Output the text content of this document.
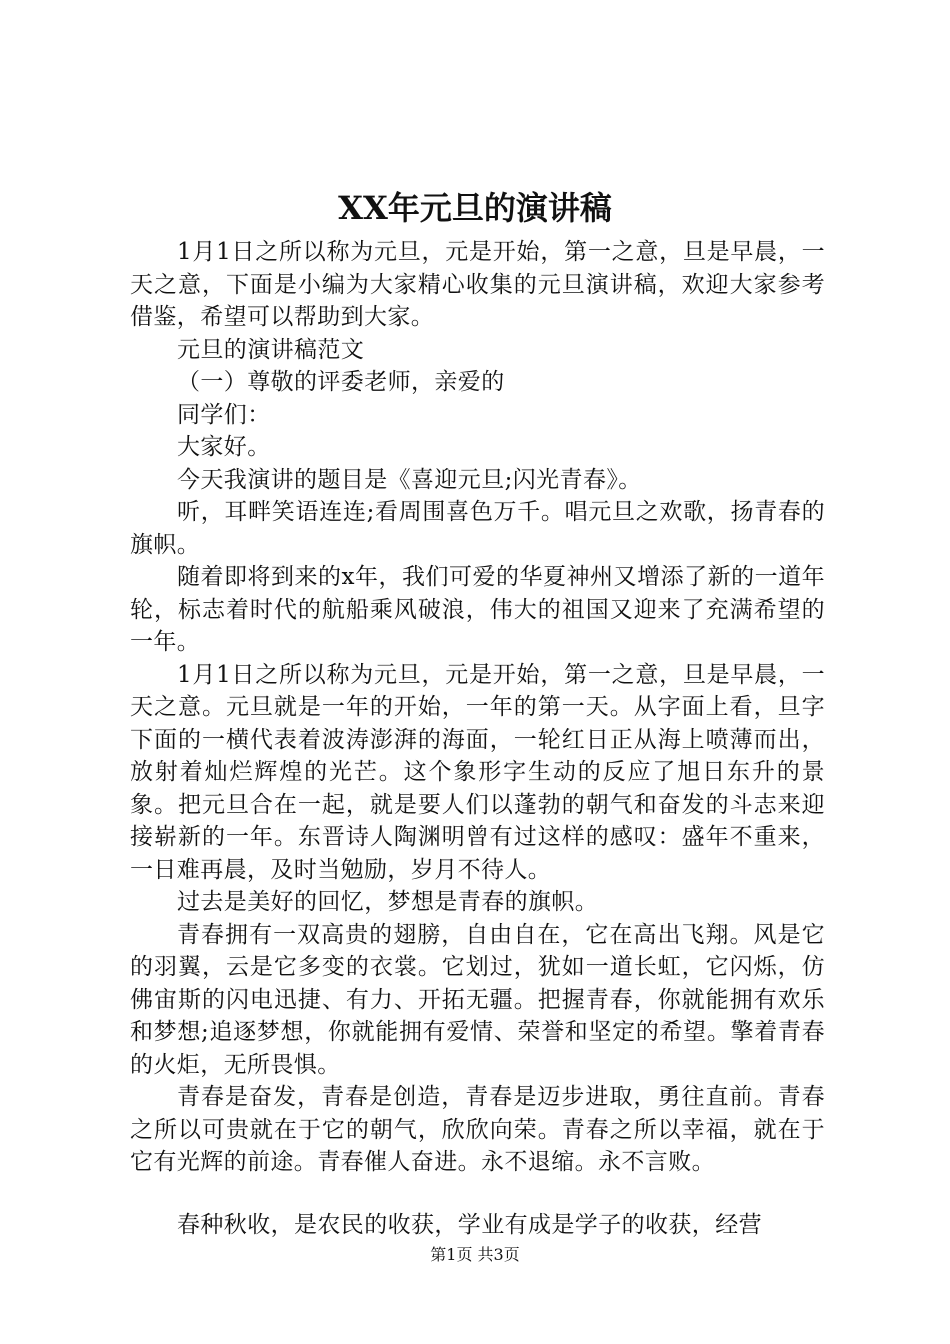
XX年元旦的演讲稿

1月1日之所以称为元旦，元是开始，第一之意，旦是早晨，一天之意，下面是小编为大家精心收集的元旦演讲稿，欢迎大家参考借鉴，希望可以帮助到大家。

元旦的演讲稿范文

（一）尊敬的评委老师，亲爱的

同学们：

大家好。

今天我演讲的题目是《喜迎元旦;闪光青春》。

听，耳畔笑语连连;看周围喜色万千。唱元旦之欢歌，扬青春的旗帜。

随着即将到来的x年，我们可爱的华夏神州又增添了新的一道年轮，标志着时代的航船乘风破浪，伟大的祖国又迎来了充满希望的一年。

1月1日之所以称为元旦，元是开始，第一之意，旦是早晨，一天之意。元旦就是一年的开始，一年的第一天。从字面上看，旦字下面的一横代表着波涛澎湃的海面，一轮红日正从海上喷薄而出，放射着灿烂辉煌的光芒。这个象形字生动的反应了旭日东升的景象。把元旦合在一起，就是要人们以蓬勃的朝气和奋发的斗志来迎接崭新的一年。东晋诗人陶渊明曾有过这样的感叹：盛年不重来，一日难再晨，及时当勉励，岁月不待人。

过去是美好的回忆，梦想是青春的旗帜。

青春拥有一双高贵的翅膀，自由自在，它在高出飞翔。风是它的羽翼，云是它多变的衣裳。它划过，犹如一道长虹，它闪烁，仿佛宙斯的闪电迅捷、有力、开拓无疆。把握青春，你就能拥有欢乐和梦想;追逐梦想，你就能拥有爱情、荣誉和坚定的希望。擎着青春的火炬，无所畏惧。

青春是奋发，青春是创造，青春是迈步进取，勇往直前。青春之所以可贵就在于它的朝气，欣欣向荣。青春之所以幸福，就在于它有光辉的前途。青春催人奋进。永不退缩。永不言败。

春种秋收，是农民的收获，学业有成是学子的收获，经营

第1页 共3页
